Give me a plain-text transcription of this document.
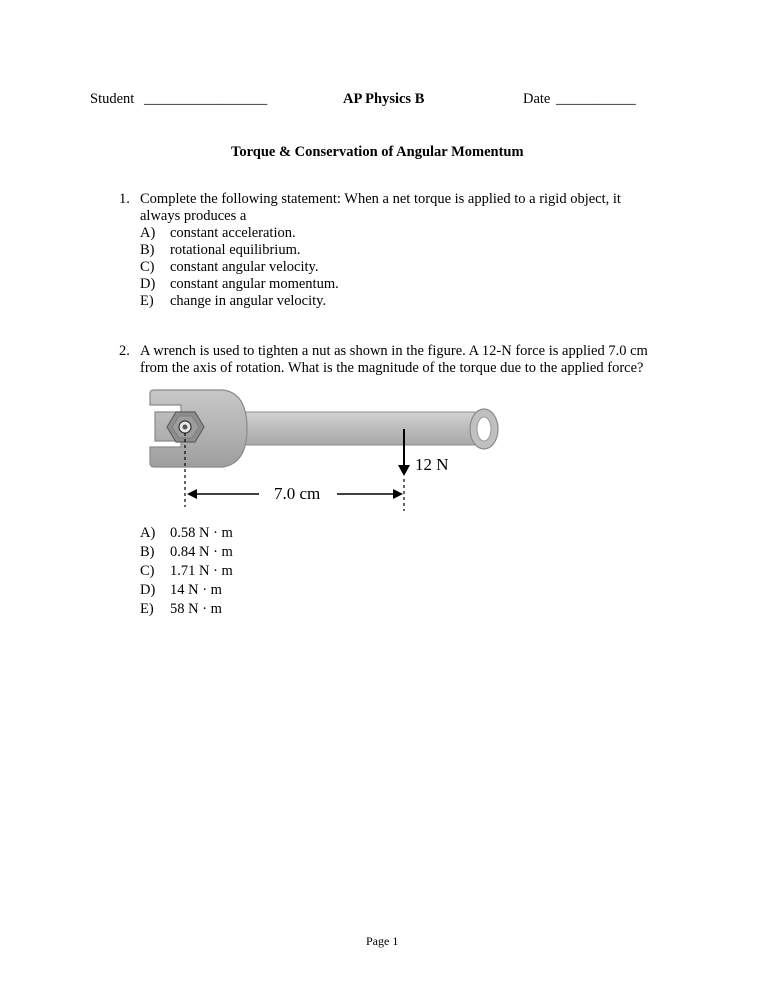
Student _________________	AP Physics B	Date ___________
Torque & Conservation of Angular Momentum
1. Complete the following statement: When a net torque is applied to a rigid object, it
always produces a
A) constant acceleration.
B) rotational equilibrium.
C) constant angular velocity.
D) constant angular momentum.
E) change in angular velocity.
2. A wrench is used to tighten a nut as shown in the figure. A 12-N force is applied 7.0 cm
from the axis of rotation. What is the magnitude of the torque due to the applied force?
12 N
7.0 cm
A) 0.58 N · m
B) 0.84 N · m
C) 1.71 N · m
D) 14 N · m
E) 58 N · m
Page 1
